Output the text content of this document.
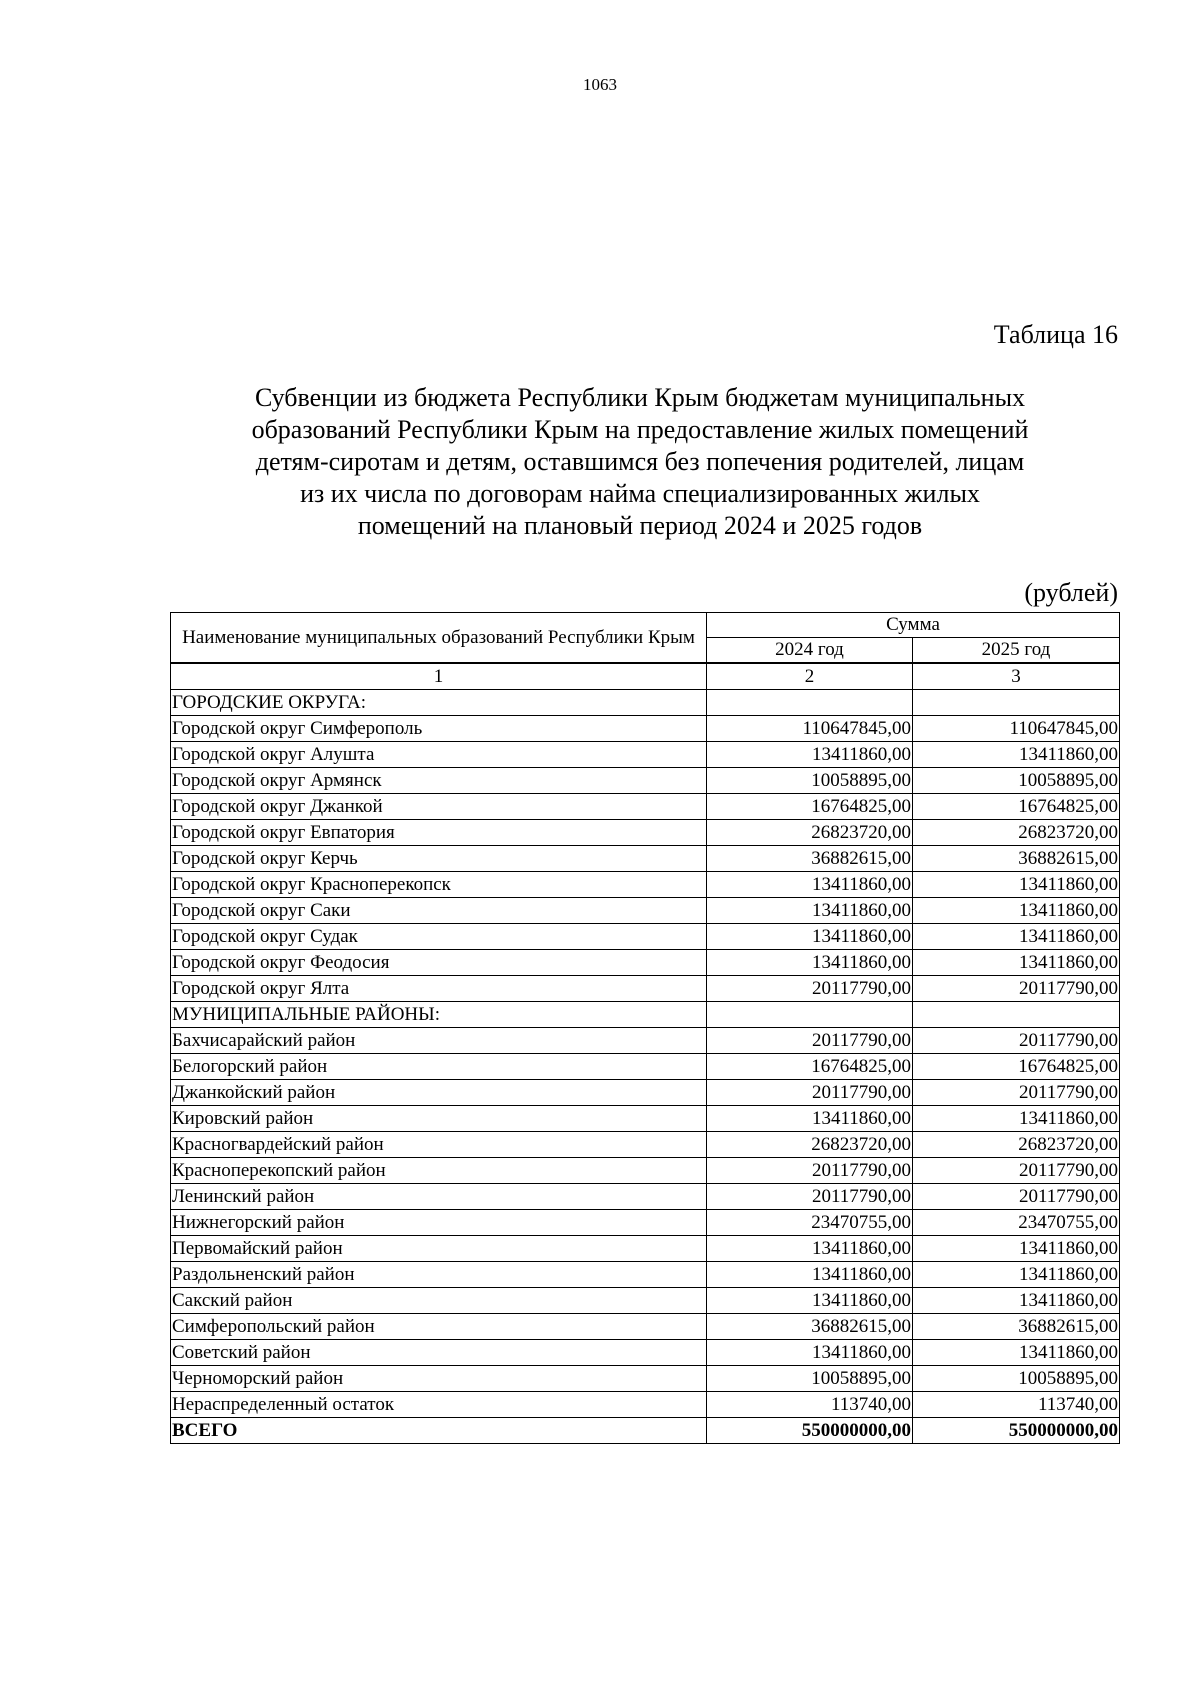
1063
Таблица 16
Субвенции из бюджета Республики Крым бюджетам муниципальных
образований Республики Крым на предоставление жилых помещений
детям-сиротам и детям, оставшимся без попечения родителей, лицам
из их числа по договорам найма специализированных жилых
помещений на плановый период 2024 и 2025 годов
(рублей)
Наименование муниципальных образований Республики Крым	Сумма	
	2024 год	2025 год
1	2	3
ГОРОДСКИЕ ОКРУГА:		
Городской округ Симферополь	110647845,00	110647845,00
Городской округ Алушта	13411860,00	13411860,00
Городской округ Армянск	10058895,00	10058895,00
Городской округ Джанкой	16764825,00	16764825,00
Городской округ Евпатория	26823720,00	26823720,00
Городской округ Керчь	36882615,00	36882615,00
Городской округ Красноперекопск	13411860,00	13411860,00
Городской округ Саки	13411860,00	13411860,00
Городской округ Судак	13411860,00	13411860,00
Городской округ Феодосия	13411860,00	13411860,00
Городской округ Ялта	20117790,00	20117790,00
МУНИЦИПАЛЬНЫЕ РАЙОНЫ:		
Бахчисарайский район	20117790,00	20117790,00
Белогорский район	16764825,00	16764825,00
Джанкойский район	20117790,00	20117790,00
Кировский район	13411860,00	13411860,00
Красногвардейский район	26823720,00	26823720,00
Красноперекопский район	20117790,00	20117790,00
Ленинский район	20117790,00	20117790,00
Нижнегорский район	23470755,00	23470755,00
Первомайский район	13411860,00	13411860,00
Раздольненский район	13411860,00	13411860,00
Сакский район	13411860,00	13411860,00
Симферопольский район	36882615,00	36882615,00
Советский район	13411860,00	13411860,00
Черноморский район	10058895,00	10058895,00
Нераспределенный остаток	113740,00	113740,00
ВСЕГО	550000000,00	550000000,00
